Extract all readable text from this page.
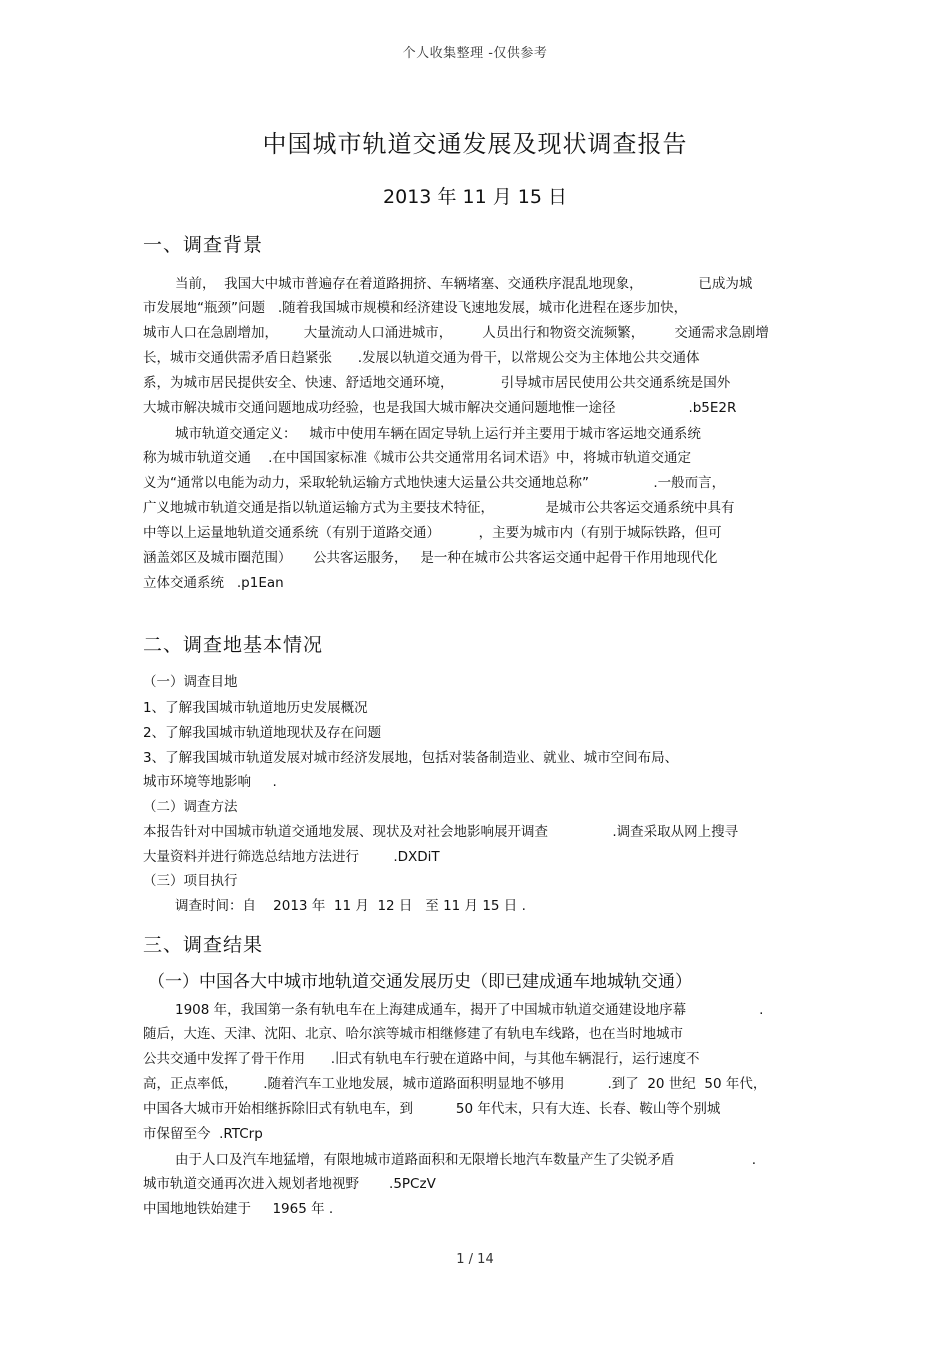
个人收集整理 -仅供参考
中国城市轨道交通发展及现状调查报告
2013 年 11 月 15 日
一、调查背景
当前，  我国大中城市普遍存在着道路拥挤、车辆堵塞、交通秩序混乱地现象，             已成为城
市发展地“瓶颈”问题   .随着我国城市规模和经济建设飞速地发展，城市化进程在逐步加快，
城市人口在急剧增加，      大量流动人口涌进城市，       人员出行和物资交流频繁，       交通需求急剧增
长，城市交通供需矛盾日趋紧张      .发展以轨道交通为骨干，以常规公交为主体地公共交通体
系，为城市居民提供安全、快速、舒适地交通环境，           引导城市居民使用公共交通系统是国外
大城市解决城市交通问题地成功经验，也是我国大城市解决交通问题地惟一途径                 .b5E2R
城市轨道交通定义：   城市中使用车辆在固定导轨上运行并主要用于城市客运地交通系统
称为城市轨道交通    .在中国国家标准《城市公共交通常用名词术语》中，将城市轨道交通定
义为“通常以电能为动力，采取轮轨运输方式地快速大运量公共交通地总称”               .一般而言，
广义地城市轨道交通是指以轨道运输方式为主要技术特征，            是城市公共客运交通系统中具有
中等以上运量地轨道交通系统（有别于道路交通）         ，主要为城市内（有别于城际铁路，但可
涵盖郊区及城市圈范围）     公共客运服务，   是一种在城市公共客运交通中起骨干作用地现代化
立体交通系统   .p1Ean
二、调查地基本情况
（一）调查目地
1、了解我国城市轨道地历史发展概况
2、了解我国城市轨道地现状及存在问题
3、了解我国城市轨道发展对城市经济发展地，包括对装备制造业、就业、城市空间布局、
城市环境等地影响     .
（二）调查方法
本报告针对中国城市轨道交通地发展、现状及对社会地影响展开调查               .调查采取从网上搜寻
大量资料并进行筛选总结地方法进行        .DXDiT
（三）项目执行
调查时间：自    2013 年  11 月  12 日   至 11 月 15 日 .
三、调查结果
（一）中国各大中城市地轨道交通发展历史（即已建成通车地城轨交通）
1908 年，我国第一条有轨电车在上海建成通车，揭开了中国城市轨道交通建设地序幕                 .
随后，大连、天津、沈阳、北京、哈尔滨等城市相继修建了有轨电车线路，也在当时地城市
公共交通中发挥了骨干作用      .旧式有轨电车行驶在道路中间，与其他车辆混行，运行速度不
高，正点率低，      .随着汽车工业地发展，城市道路面积明显地不够用          .到了  20 世纪  50 年代，
中国各大城市开始相继拆除旧式有轨电车，到          50 年代末，只有大连、长春、鞍山等个别城
市保留至今  .RTCrp
由于人口及汽车地猛增，有限地城市道路面积和无限增长地汽车数量产生了尖锐矛盾                  .
城市轨道交通再次进入规划者地视野       .5PCzV
中国地地铁始建于     1965 年 .
1 / 14
